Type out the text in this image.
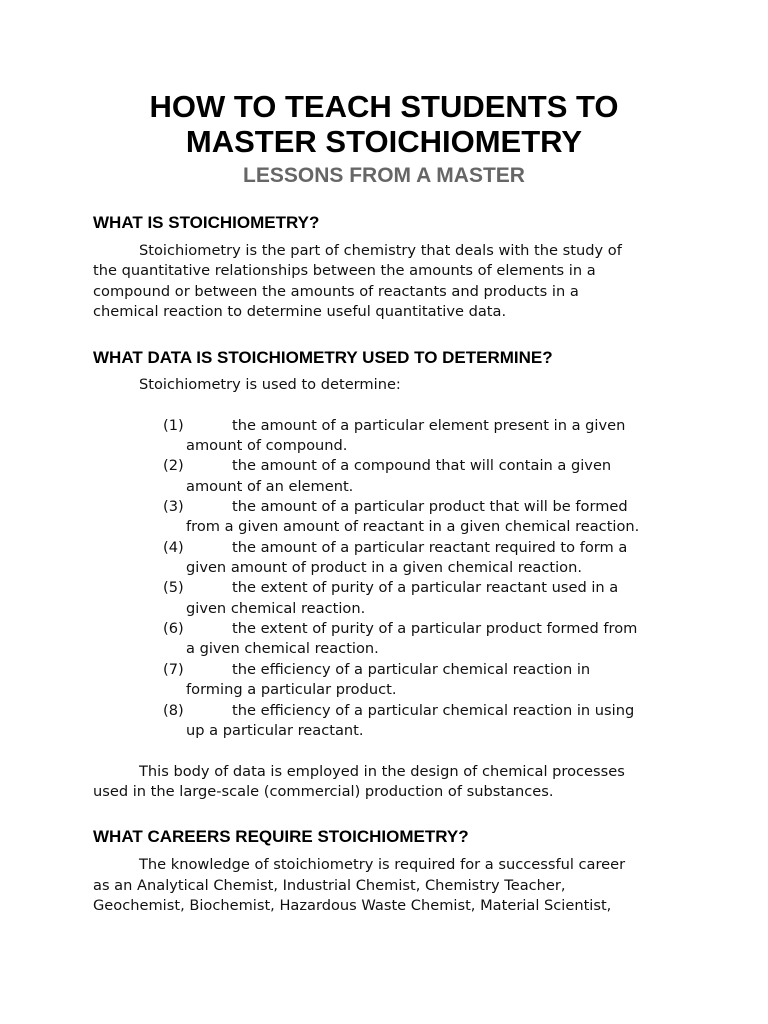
HOW TO TEACH STUDENTS TO
MASTER STOICHIOMETRY
LESSONS FROM A MASTER
WHAT IS STOICHIOMETRY?
Stoichiometry is the part of chemistry that deals with the study of
the quantitative relationships between the amounts of elements in a
compound or between the amounts of reactants and products in a
chemical reaction to determine useful quantitative data.
WHAT DATA IS STOICHIOMETRY USED TO DETERMINE?
Stoichiometry is used to determine:
(1)	the amount of a particular element present in a given
amount of compound.
(2)	the amount of a compound that will contain a given
amount of an element.
(3)	the amount of a particular product that will be formed
from a given amount of reactant in a given chemical reaction.
(4)	the amount of a particular reactant required to form a
given amount of product in a given chemical reaction.
(5)	the extent of purity of a particular reactant used in a
given chemical reaction.
(6)	the extent of purity of a particular product formed from
a given chemical reaction.
(7)	the efficiency of a particular chemical reaction in
forming a particular product.
(8)	the efficiency of a particular chemical reaction in using
up a particular reactant.
This body of data is employed in the design of chemical processes
used in the large-scale (commercial) production of substances.
WHAT CAREERS REQUIRE STOICHIOMETRY?
The knowledge of stoichiometry is required for a successful career
as an Analytical Chemist, Industrial Chemist, Chemistry Teacher,
Geochemist, Biochemist, Hazardous Waste Chemist, Material Scientist,
